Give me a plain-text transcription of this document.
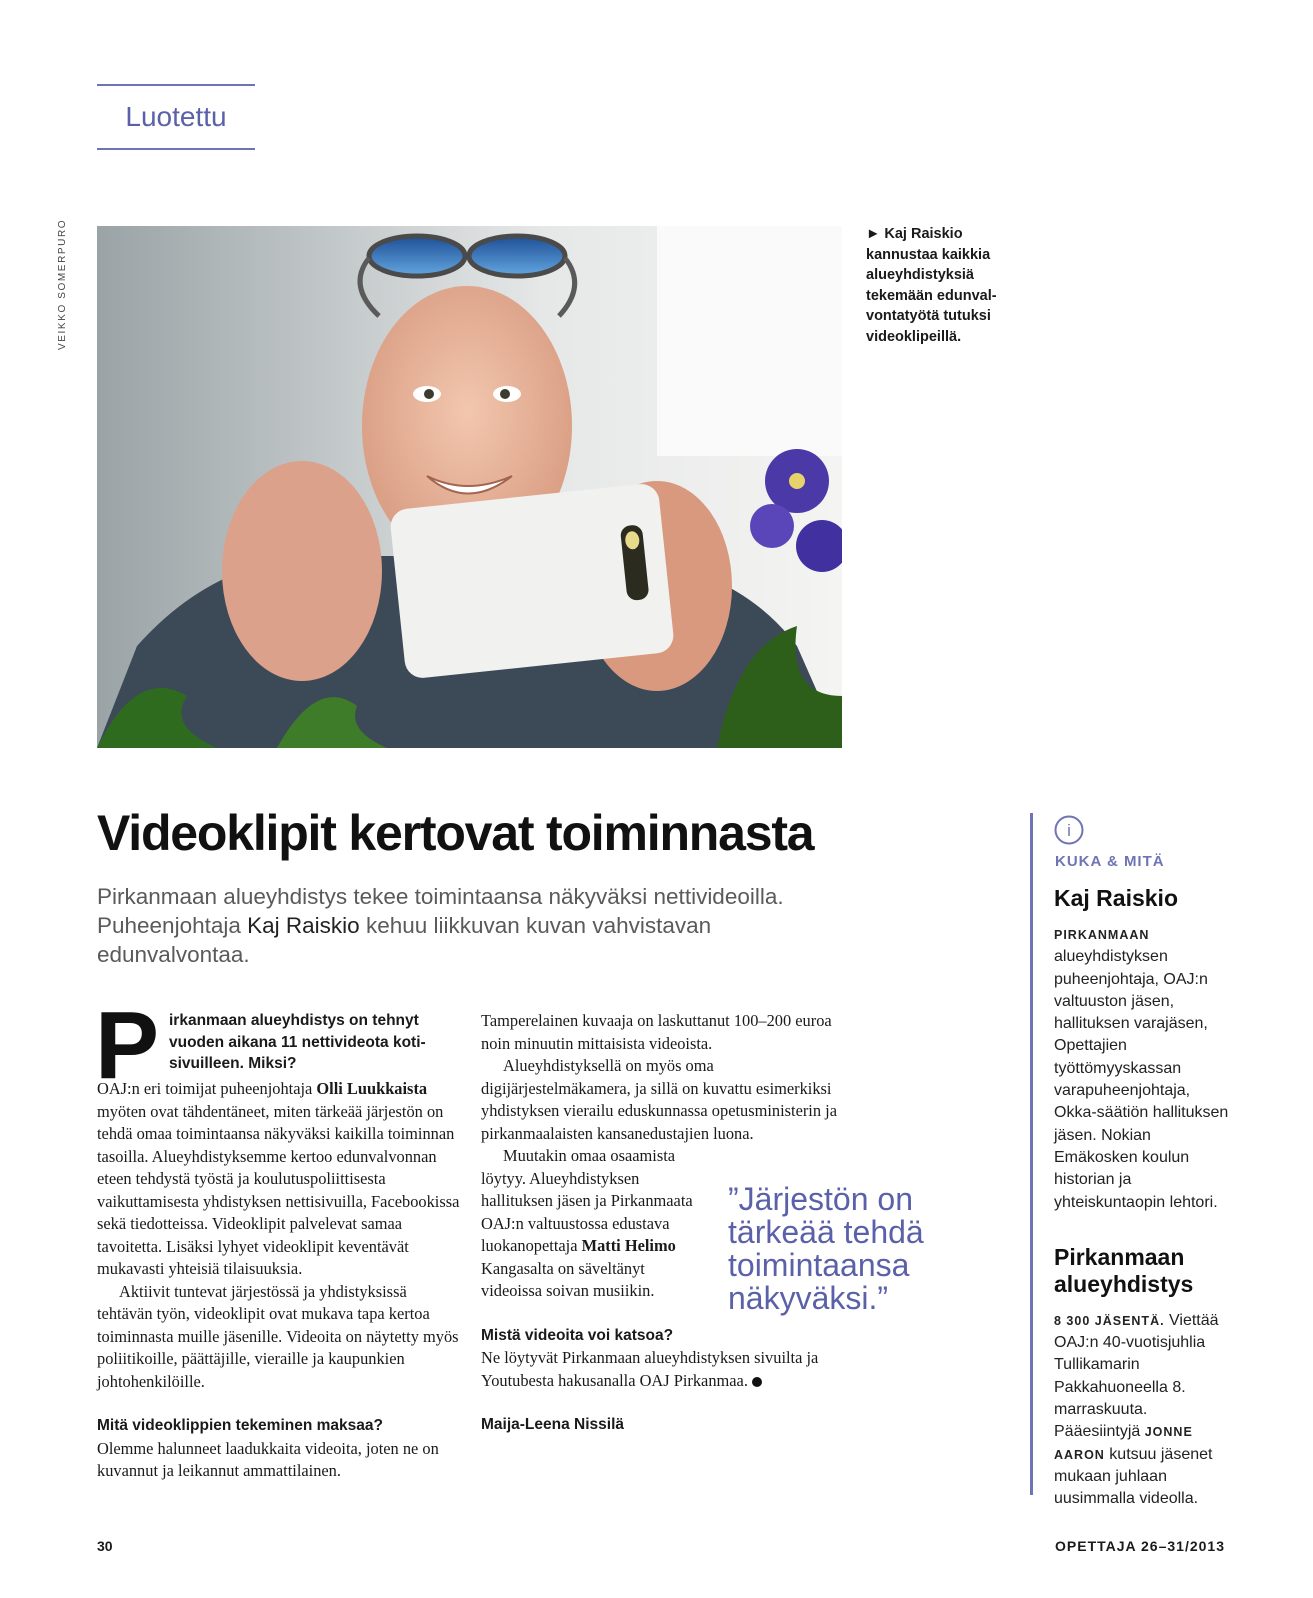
Luotettu
VEIKKO SOMERPURO	► Kaj Raiskio kannustaa kaikkia alueyhdistyksiä tekemään edunval-vontatyötä tutuksi videoklipeillä.
Videoklipit kertovat toiminnasta
Pirkanmaan alueyhdistys tekee toimintaansa näkyväksi nettivideoilla. Puheenjohtaja Kaj Raiskio kehuu liikkuvan kuvan vahvistavan edunvalvontaa.
P irkanmaan alueyhdistys on tehnyt vuoden aikana 11 nettivideota koti-sivuilleen. Miksi?

OAJ:n eri toimijat puheenjohtaja Olli Luukkaista myöten ovat tähdentäneet, miten tärkeää järjestön on tehdä omaa toimintaansa näkyväksi kaikilla toiminnan tasoilla. Alueyhdistyksemme kertoo edunvalvonnan eteen tehdystä työstä ja koulutuspoliittisesta vaikuttamisesta yhdistyksen nettisivuilla, Facebookissa sekä tiedotteissa. Videoklipit palvelevat samaa tavoitetta. Lisäksi lyhyet videoklipit keventävät mukavasti yhteisiä tilaisuuksia.

Aktiivit tuntevat järjestössä ja yhdistyksissä tehtävän työn, videoklipit ovat mukava tapa kertoa toiminnasta muille jäsenille. Videoita on näytetty myös poliitikoille, päättäjille, vieraille ja kaupunkien johtohenkilöille.

Mitä videoklippien tekeminen maksaa?

Olemme halunneet laadukkaita videoita, joten ne on kuvannut ja leikannut ammattilainen.

Tamperelainen kuvaaja on laskuttanut 100–200 euroa noin minuutin mittaisista videoista.

Alueyhdistyksellä on myös oma digijärjestelmäkamera, ja sillä on kuvattu esimerkiksi yhdistyksen vierailu eduskunnassa opetusministerin ja pirkanmaalaisten kansanedustajien luona.

Muutakin omaa osaamista löytyy. Alueyhdistyksen hallituksen jäsen ja Pirkanmaata OAJ:n valtuustossa edustava luokanopettaja Matti Helimo Kangasalta on säveltänyt videoissa soivan musiikin.

Mistä videoita voi katsoa?

Ne löytyvät Pirkanmaan alueyhdistyksen sivuilta ja Youtubesta hakusanalla OAJ Pirkanmaa.

Maija-Leena Nissilä

”Järjestön on tärkeää tehdä toimintaansa näkyväksi.”
i
KUKA & MITÄ
Kaj Raiskio

PIRKANMAAN alueyhdistyksen puheenjohtaja, OAJ:n valtuuston jäsen, hallituksen varajäsen, Opettajien työttömyyskassan varapuheenjohtaja, Okka-säätiön hallituksen jäsen. Nokian Emäkosken koulun historian ja yhteiskuntaopin lehtori.

Pirkanmaan alueyhdistys

8 300 JÄSENTÄ. Viettää OAJ:n 40-vuotisjuhlia Tullikamarin Pakkahuoneella 8. marraskuuta. Pääesiintyjä JONNE AARON kutsuu jäsenet mukaan juhlaan uusimmalla videolla.

30	OPETTAJA 26–31/2013
